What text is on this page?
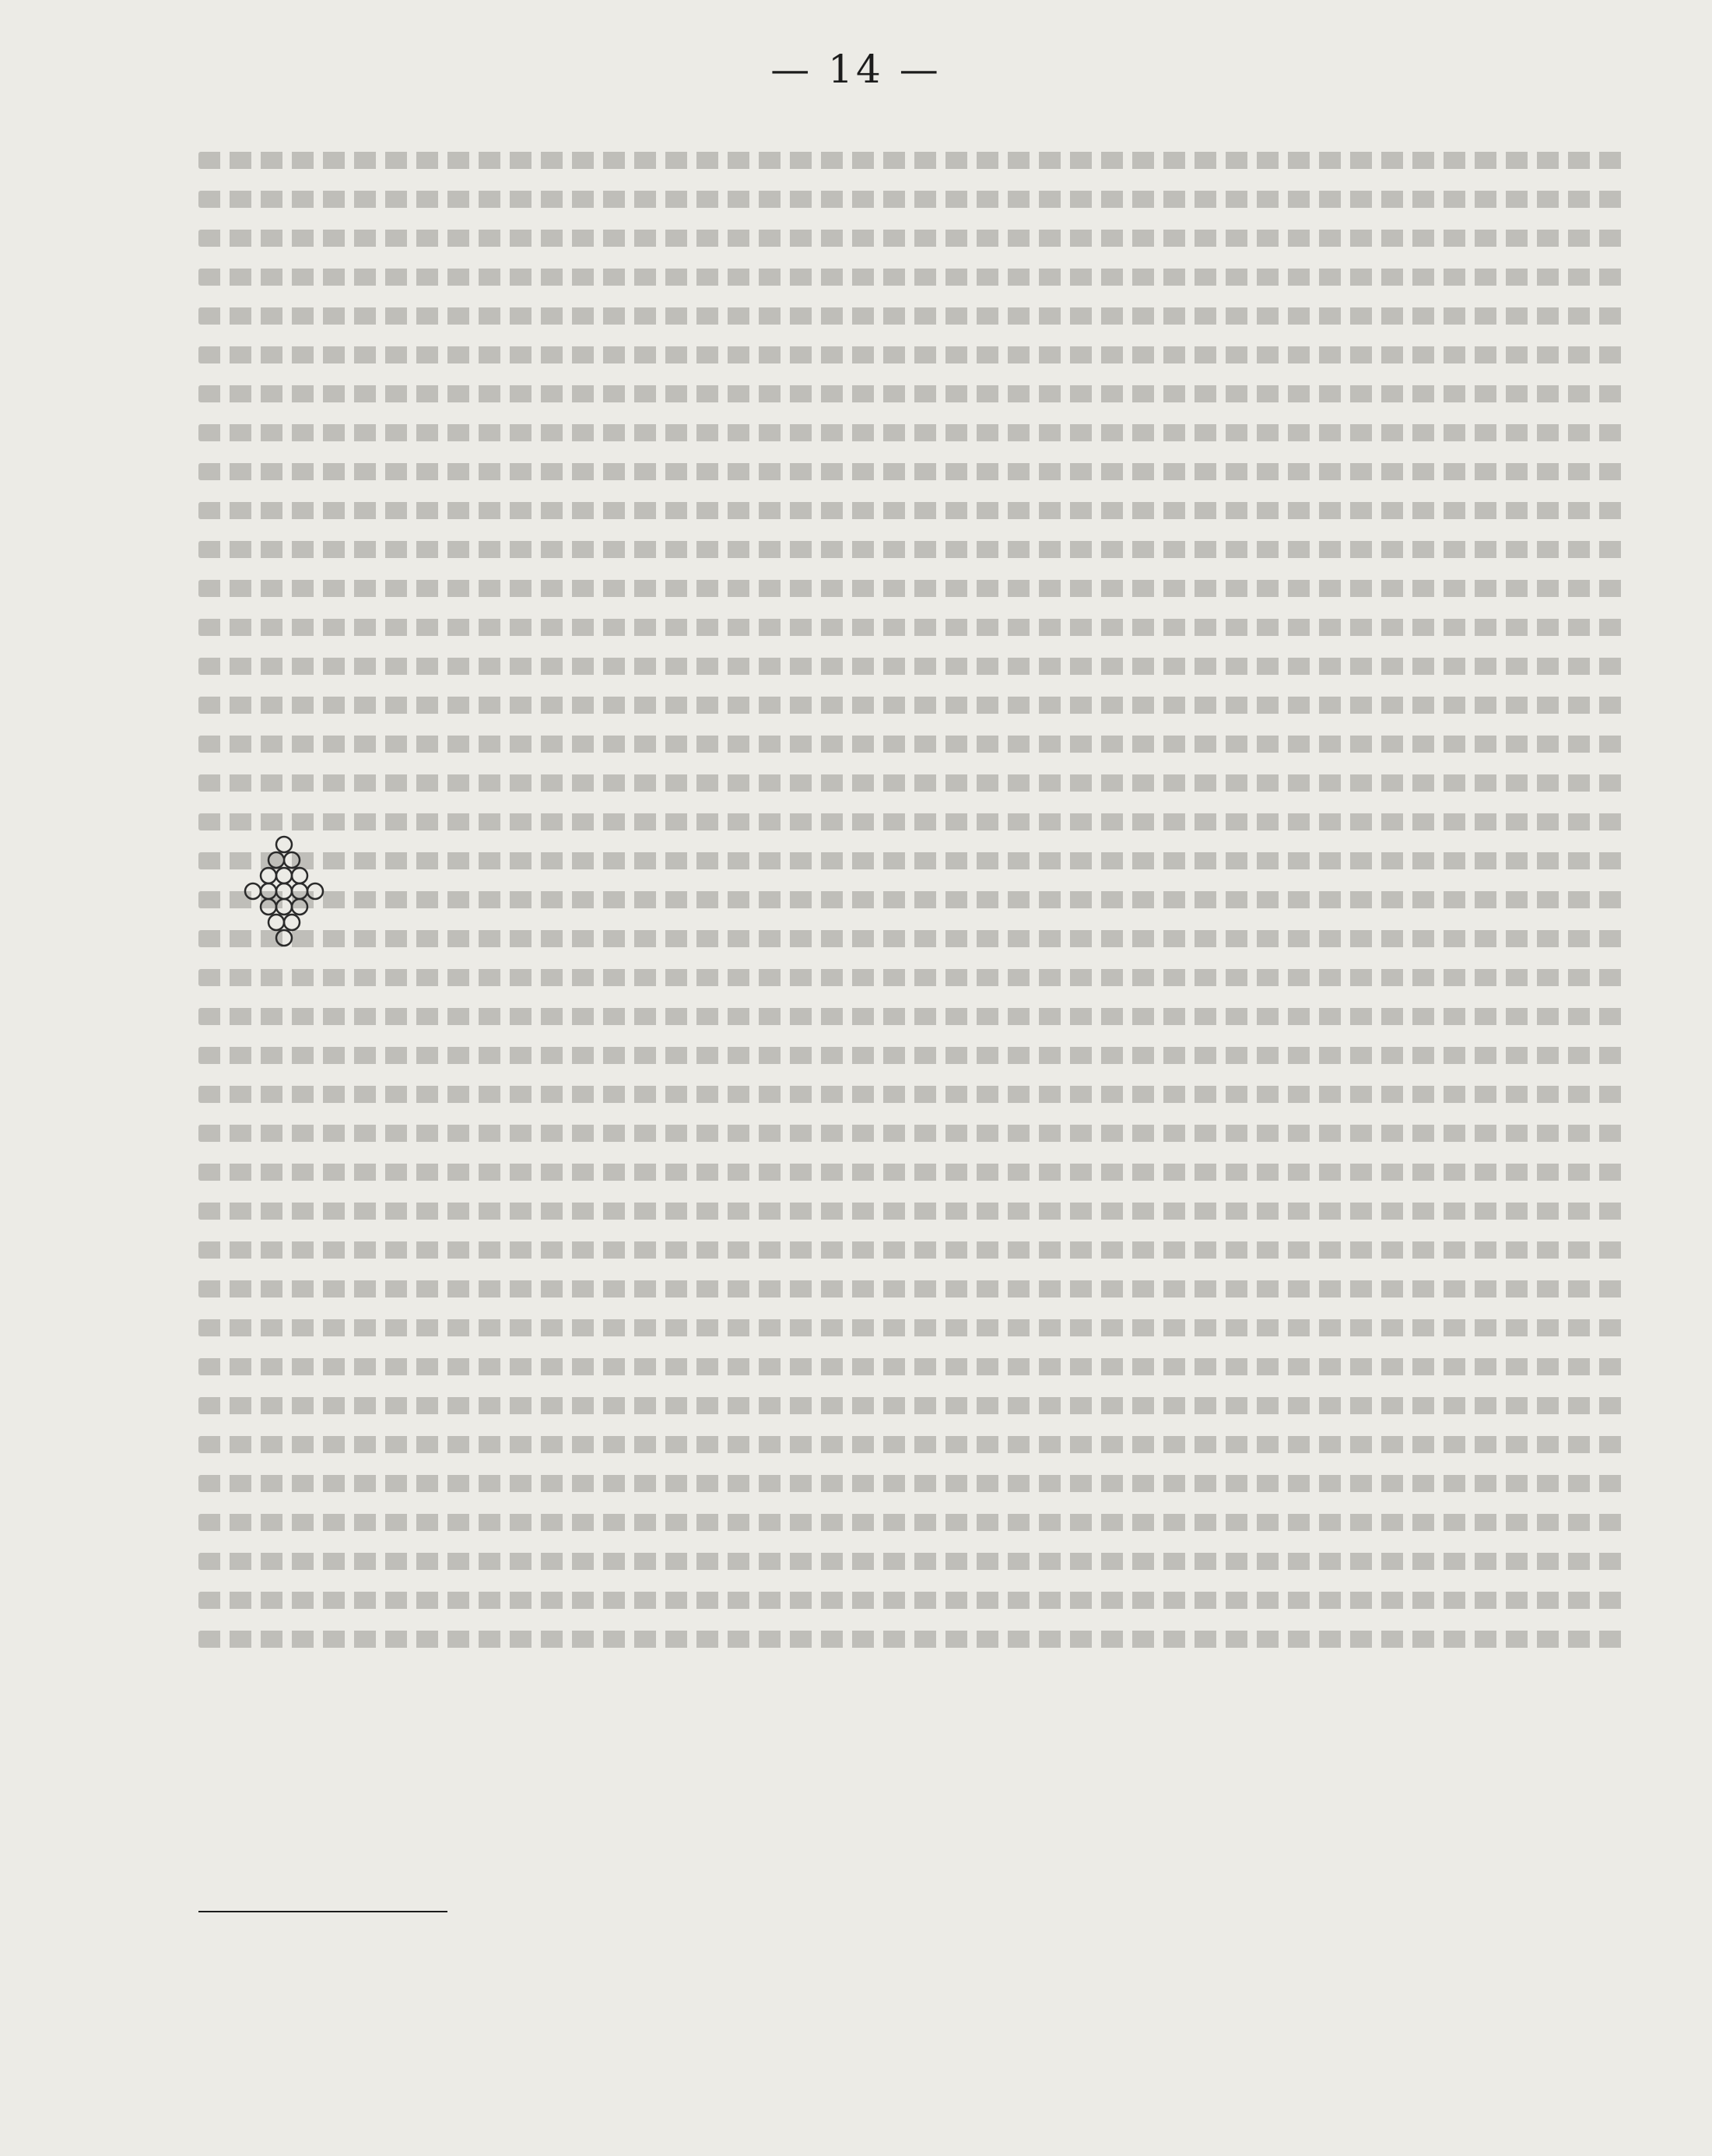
— 14 —
